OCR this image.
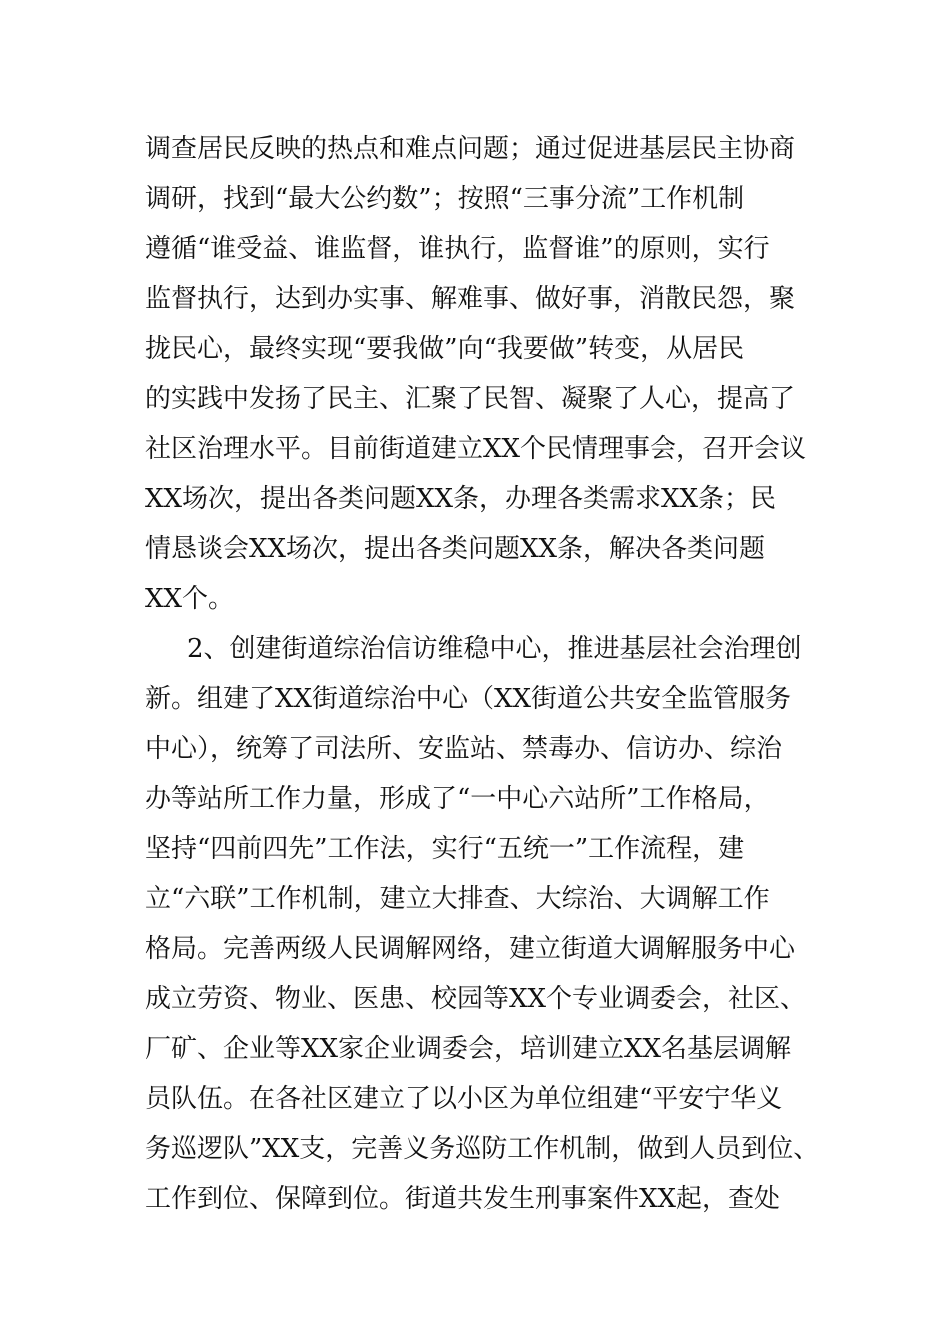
调查居民反映的热点和难点问题；通过促进基层民主协商
调研，找到“最大公约数”；按照“三事分流”工作机制
遵循“谁受益、谁监督，谁执行，监督谁”的原则，实行
监督执行，达到办实事、解难事、做好事，消散民怨，聚
拢民心，最终实现“要我做”向“我要做”转变，从居民
的实践中发扬了民主、汇聚了民智、凝聚了人心，提高了
社区治理水平。目前街道建立XX个民情理事会，召开会议
XX场次，提出各类问题XX条，办理各类需求XX条；民
情恳谈会XX场次，提出各类问题XX条，解决各类问题
XX个。
2、创建街道综治信访维稳中心，推进基层社会治理创
新。组建了XX街道综治中心（XX街道公共安全监管服务
中心），统筹了司法所、安监站、禁毒办、信访办、综治
办等站所工作力量，形成了“一中心六站所”工作格局，
坚持“四前四先”工作法，实行“五统一”工作流程，建
立“六联”工作机制，建立大排查、大综治、大调解工作
格局。完善两级人民调解网络，建立街道大调解服务中心
成立劳资、物业、医患、校园等XX个专业调委会，社区、
厂矿、企业等XX家企业调委会，培训建立XX名基层调解
员队伍。在各社区建立了以小区为单位组建“平安宁华义
务巡逻队”XX支，完善义务巡防工作机制，做到人员到位、
工作到位、保障到位。街道共发生刑事案件XX起，查处
